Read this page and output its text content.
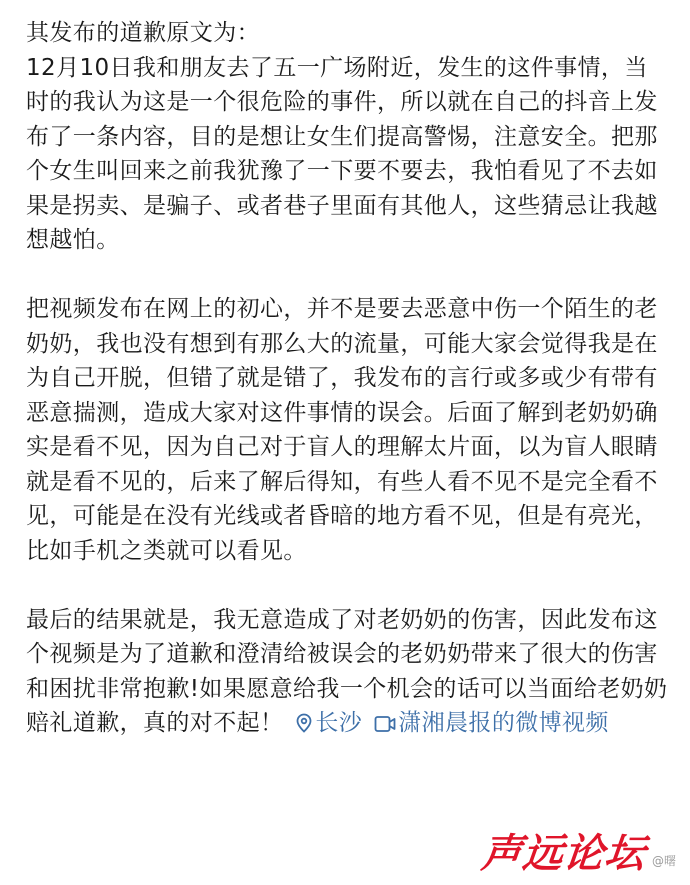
其发布的道歉原文为：
12月10日我和朋友去了五一广场附近，发生的这件事情，当时的我认为这是一个很危险的事件，所以就在自己的抖音上发布了一条内容，目的是想让女生们提高警惕，注意安全。把那个女生叫回来之前我犹豫了一下要不要去，我怕看见了不去如果是拐卖、是骗子、或者巷子里面有其他人，这些猜忌让我越想越怕。

把视频发布在网上的初心，并不是要去恶意中伤一个陌生的老奶奶，我也没有想到有那么大的流量，可能大家会觉得我是在为自己开脱，但错了就是错了，我发布的言行或多或少有带有恶意揣测，造成大家对这件事情的误会。后面了解到老奶奶确实是看不见，因为自己对于盲人的理解太片面，以为盲人眼睛就是看不见的，后来了解后得知，有些人看不见不是完全看不见，可能是在没有光线或者昏暗的地方看不见，但是有亮光，比如手机之类就可以看见。

最后的结果就是，我无意造成了对老奶奶的伤害，因此发布这个视频是为了道歉和澄清给被误会的老奶奶带来了很大的伤害和困扰非常抱歉!如果愿意给我一个机会的话可以当面给老奶奶赔礼道歉，真的对不起！ 长沙 潇湘晨报的微博视频

声远论坛 @曙
